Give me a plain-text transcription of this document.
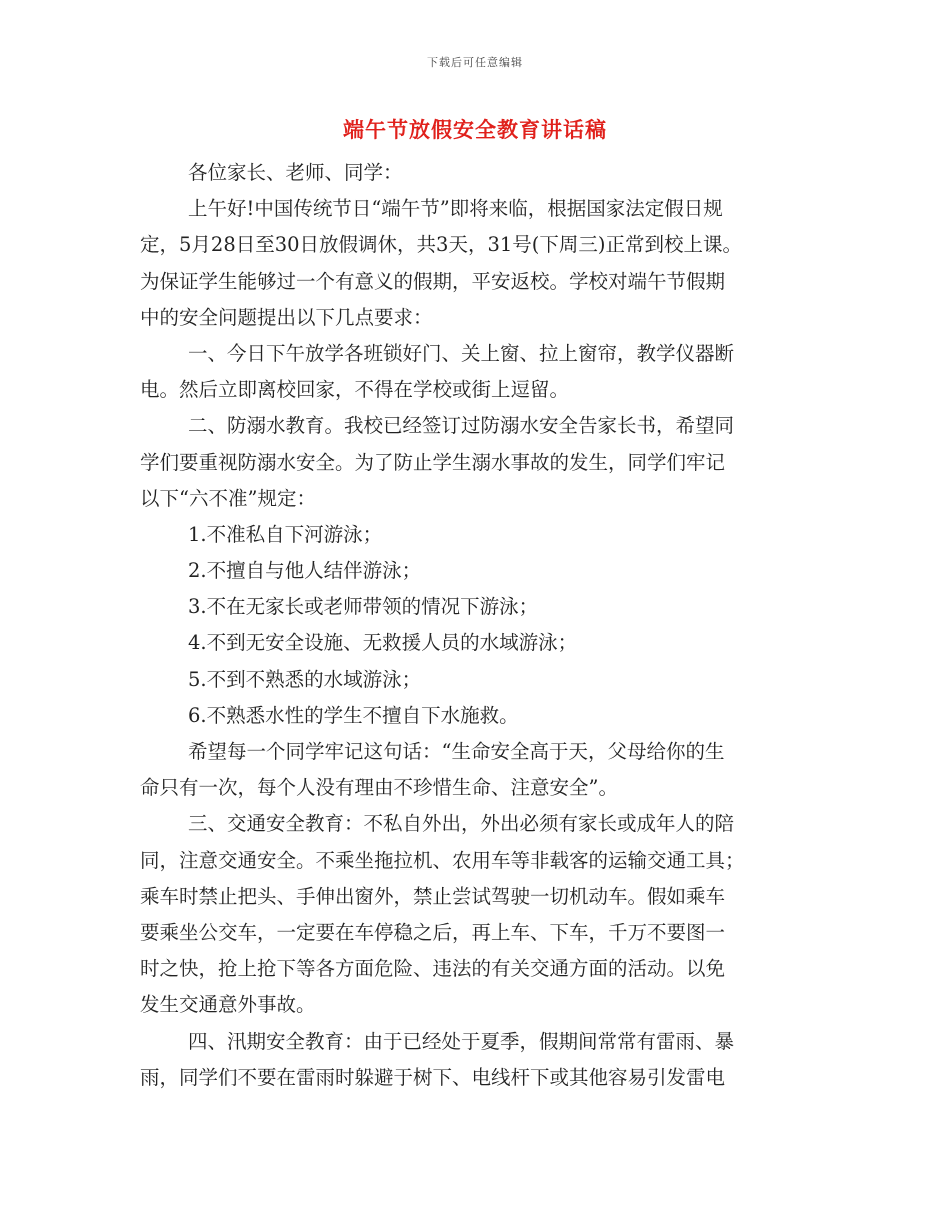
下载后可任意编辑
端午节放假安全教育讲话稿
各位家长、老师、同学：
上午好!中国传统节日“端午节”即将来临，根据国家法定假日规
定，5月28日至30日放假调休，共3天，31号(下周三)正常到校上课。
为保证学生能够过一个有意义的假期，平安返校。学校对端午节假期
中的安全问题提出以下几点要求：
一、今日下午放学各班锁好门、关上窗、拉上窗帘，教学仪器断
电。然后立即离校回家，不得在学校或街上逗留。
二、防溺水教育。我校已经签订过防溺水安全告家长书，希望同
学们要重视防溺水安全。为了防止学生溺水事故的发生，同学们牢记
以下“六不准”规定：
1.不准私自下河游泳；
2.不擅自与他人结伴游泳；
3.不在无家长或老师带领的情况下游泳；
4.不到无安全设施、无救援人员的水域游泳；
5.不到不熟悉的水域游泳；
6.不熟悉水性的学生不擅自下水施救。
希望每一个同学牢记这句话：“生命安全高于天，父母给你的生
命只有一次，每个人没有理由不珍惜生命、注意安全”。
三、交通安全教育：不私自外出，外出必须有家长或成年人的陪
同，注意交通安全。不乘坐拖拉机、农用车等非载客的运输交通工具；
乘车时禁止把头、手伸出窗外，禁止尝试驾驶一切机动车。假如乘车
要乘坐公交车，一定要在车停稳之后，再上车、下车，千万不要图一
时之快，抢上抢下等各方面危险、违法的有关交通方面的活动。以免
发生交通意外事故。
四、汛期安全教育：由于已经处于夏季，假期间常常有雷雨、暴
雨，同学们不要在雷雨时躲避于树下、电线杆下或其他容易引发雷电
